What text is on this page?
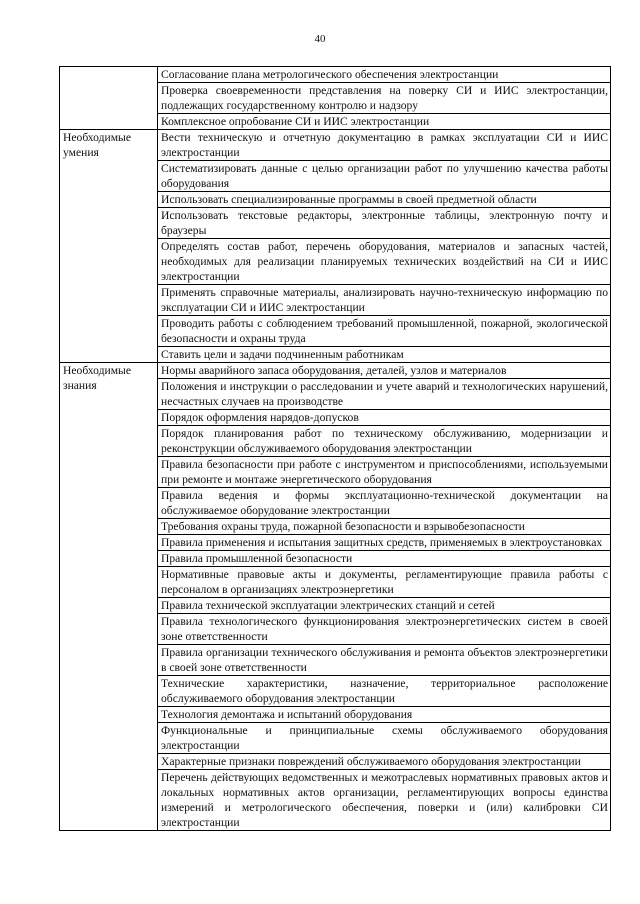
40
	Согласование плана метрологического обеспечения электростанции
	Проверка своевременности представления на поверку СИ и ИИС электростанции, подлежащих государственному контролю и надзору
	Комплексное опробование СИ и ИИС электростанции
Необходимые умения	Вести техническую и отчетную документацию в рамках эксплуатации СИ и ИИС электростанции
	Систематизировать данные с целью организации работ по улучшению качества работы оборудования
	Использовать специализированные программы в своей предметной области
	Использовать текстовые редакторы, электронные таблицы, электронную почту и браузеры
	Определять состав работ, перечень оборудования, материалов и запасных частей, необходимых для реализации планируемых технических воздействий на СИ и ИИС электростанции
	Применять справочные материалы, анализировать научно-техническую информацию по эксплуатации СИ и ИИС электростанции
	Проводить работы с соблюдением требований промышленной, пожарной, экологической безопасности и охраны труда
	Ставить цели и задачи подчиненным работникам
Необходимые знания	Нормы аварийного запаса оборудования, деталей, узлов и материалов
	Положения и инструкции о расследовании и учете аварий и технологических нарушений, несчастных случаев на производстве
	Порядок оформления нарядов-допусков
	Порядок планирования работ по техническому обслуживанию, модернизации и реконструкции обслуживаемого оборудования электростанции
	Правила безопасности при работе с инструментом и приспособлениями, используемыми при ремонте и монтаже энергетического оборудования
	Правила ведения и формы эксплуатационно-технической документации на обслуживаемое оборудование электростанции
	Требования охраны труда, пожарной безопасности и взрывобезопасности
	Правила применения и испытания защитных средств, применяемых в электроустановках
	Правила промышленной безопасности
	Нормативные правовые акты и документы, регламентирующие правила работы с персоналом в организациях электроэнергетики
	Правила технической эксплуатации электрических станций и сетей
	Правила технологического функционирования электроэнергетических систем в своей зоне ответственности
	Правила организации технического обслуживания и ремонта объектов электроэнергетики в своей зоне ответственности
	Технические характеристики, назначение, территориальное расположение обслуживаемого оборудования электростанции
	Технология демонтажа и испытаний оборудования
	Функциональные и принципиальные схемы обслуживаемого оборудования электростанции
	Характерные признаки повреждений обслуживаемого оборудования электростанции
	Перечень действующих ведомственных и межотраслевых нормативных правовых актов и локальных нормативных актов организации, регламентирующих вопросы единства измерений и метрологического обеспечения, поверки и (или) калибровки СИ электростанции
